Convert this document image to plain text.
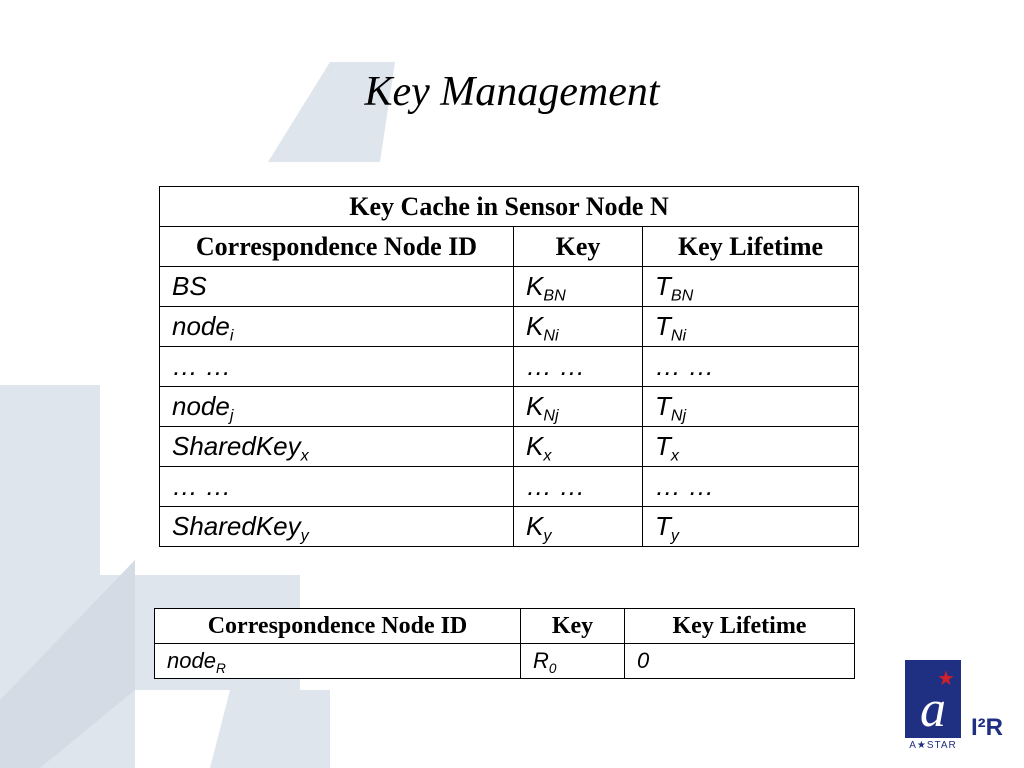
Key Management
Key Cache in Sensor Node N		
Correspondence Node ID	Key	Key Lifetime
BS	$K_{BN}$	$T_{BN}$
node$_i$	$K_{Ni}$	$T_{Ni}$
… …	… …	… …
node$_j$	$K_{Nj}$	$T_{Nj}$
SharedKey$_x$	$K_x$	$T_x$
… …	… …	… …
SharedKey$_y$	$K_y$	$T_y$
Correspondence Node ID	Key	Key Lifetime
node$_R$	$R_0$	0
a
★
I²R
A★STAR
